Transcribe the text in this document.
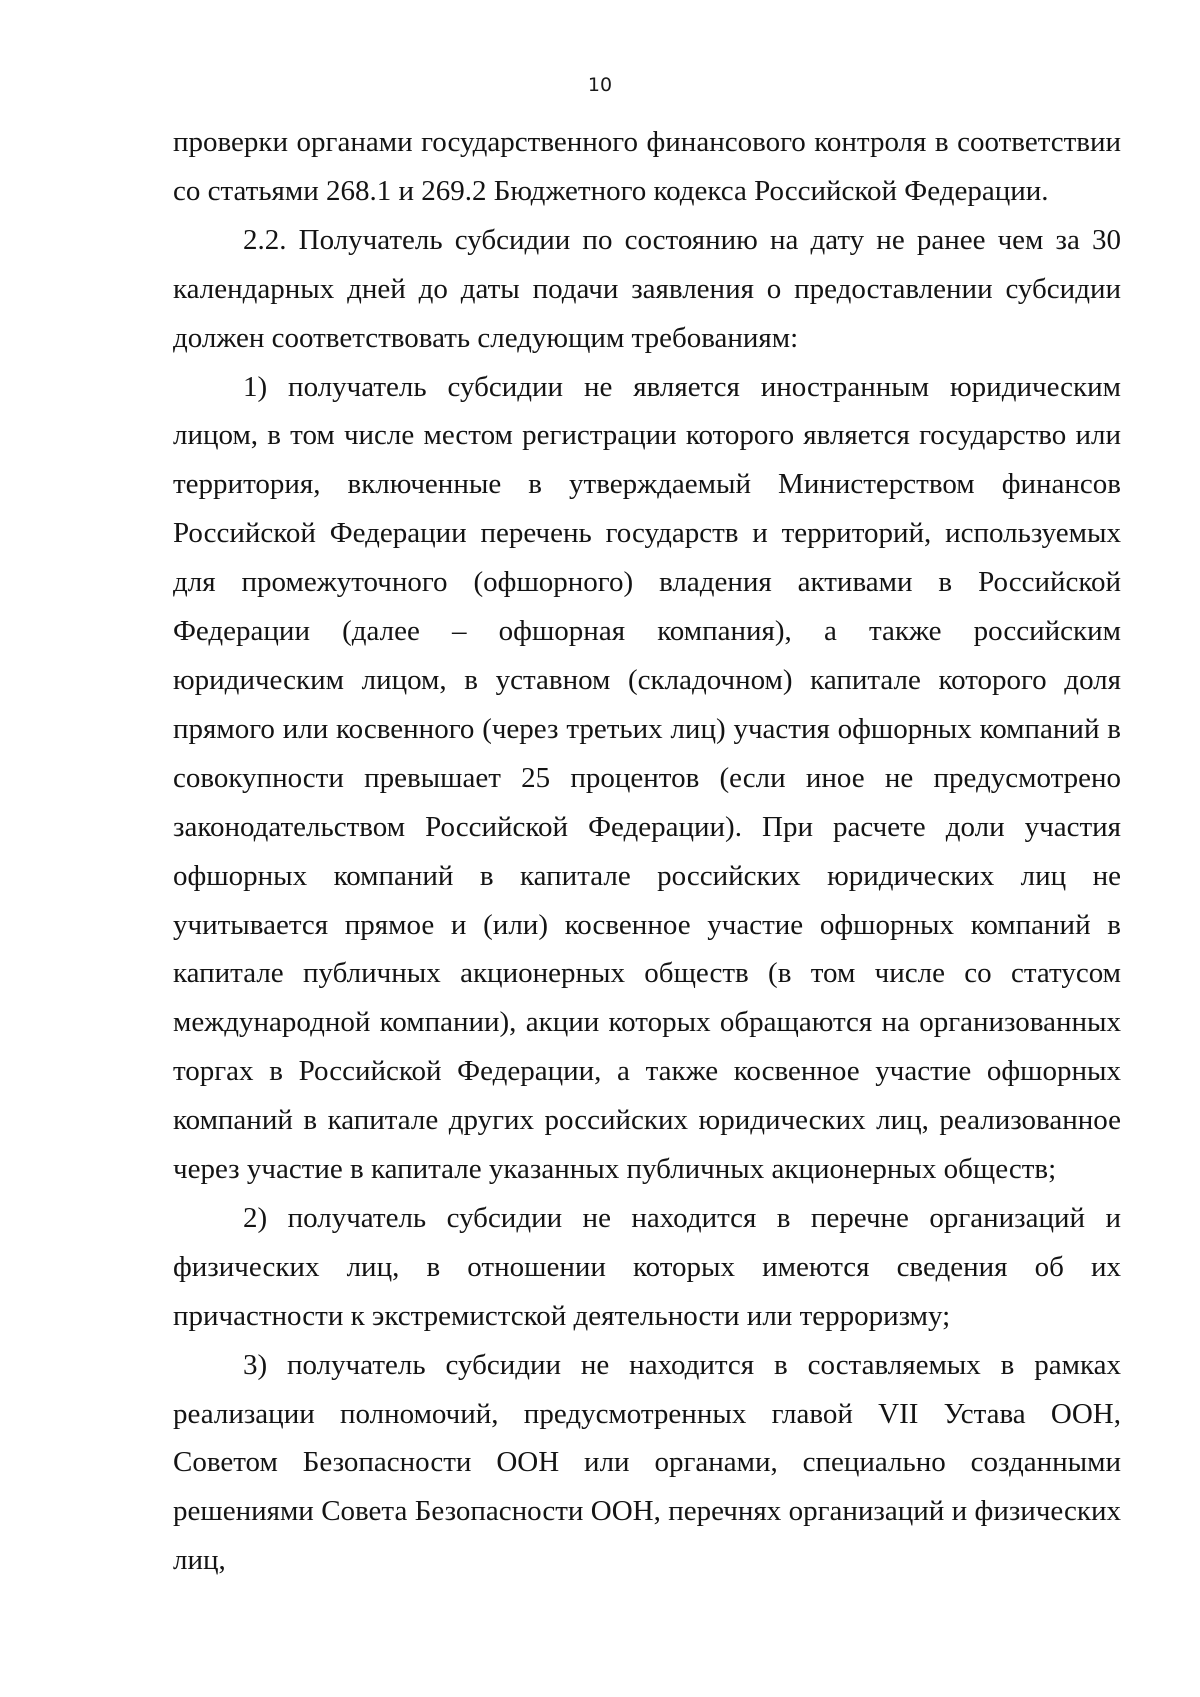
10

проверки органами государственного финансового контроля в соответствии со статьями 268.1 и 269.2 Бюджетного кодекса Российской Федерации.

2.2. Получатель субсидии по состоянию на дату не ранее чем за 30 календарных дней до даты подачи заявления о предоставлении субсидии должен соответствовать следующим требованиям:

1) получатель субсидии не является иностранным юридическим лицом, в том числе местом регистрации которого является государство или территория, включенные в утверждаемый Министерством финансов Российской Федерации перечень государств и территорий, используемых для промежуточного (офшорного) владения активами в Российской Федерации (далее – офшорная компания), а также российским юридическим лицом, в уставном (складочном) капитале которого доля прямого или косвенного (через третьих лиц) участия офшорных компаний в совокупности превышает 25 процентов (если иное не предусмотрено законодательством Российской Федерации). При расчете доли участия офшорных компаний в капитале российских юридических лиц не учитывается прямое и (или) косвенное участие офшорных компаний в капитале публичных акционерных обществ (в том числе со статусом международной компании), акции которых обращаются на организованных торгах в Российской Федерации, а также косвенное участие офшорных компаний в капитале других российских юридических лиц, реализованное через участие в капитале указанных публичных акционерных обществ;

2) получатель субсидии не находится в перечне организаций и физических лиц, в отношении которых имеются сведения об их причастности к экстремистской деятельности или терроризму;

3) получатель субсидии не находится в составляемых в рамках реализации полномочий, предусмотренных главой VII Устава ООН, Советом Безопасности ООН или органами, специально созданными решениями Совета Безопасности ООН, перечнях организаций и физических лиц,
